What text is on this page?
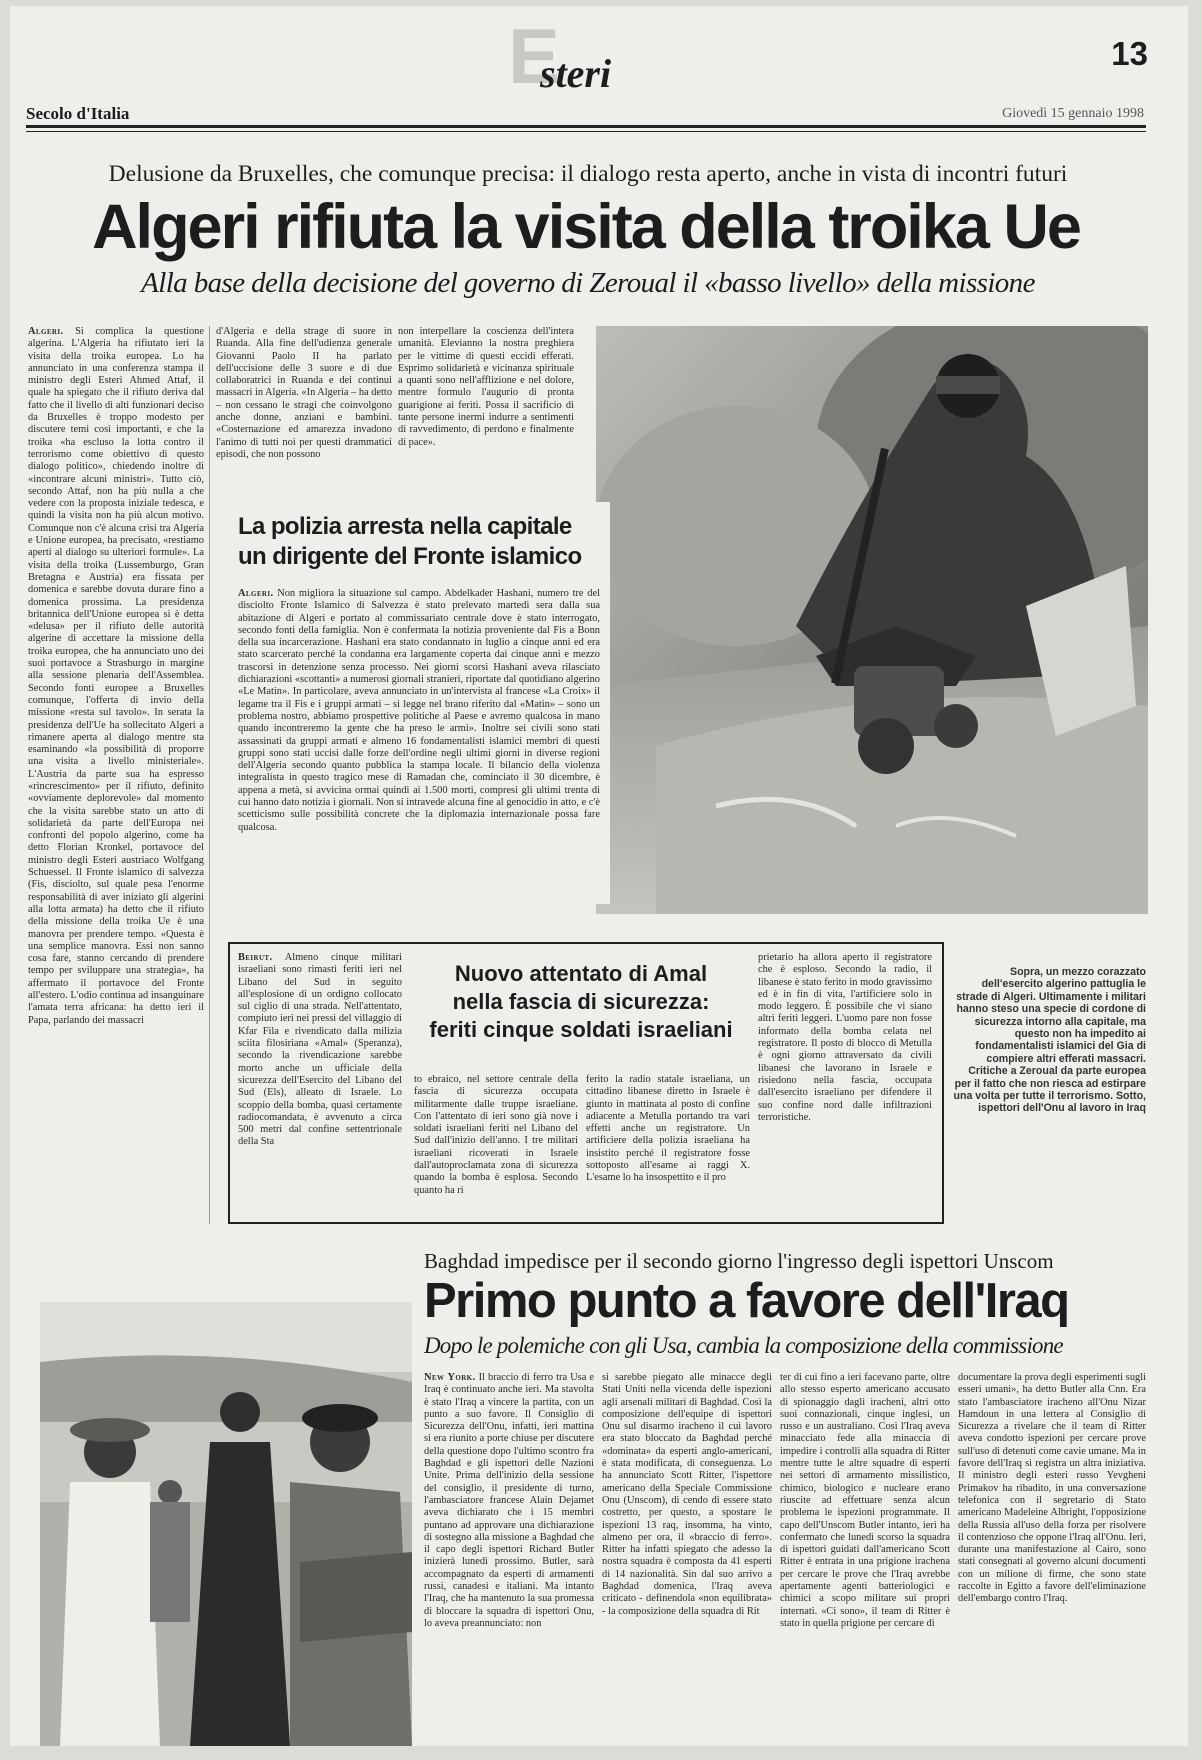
E
steri	13
Secolo d'Italia	Giovedì 15 gennaio 1998
Delusione da Bruxelles, che comunque precisa: il dialogo resta aperto, anche in vista di incontri futuri
Algeri rifiuta la visita della troika Ue
Alla base della decisione del governo di Zeroual il «basso livello» della missione
Algeri. Si complica la questione algerina. L'Algeria ha rifiutato ieri la visita della troika europea. Lo ha annunciato in una conferenza stampa il ministro degli Esteri Ahmed Attaf, il quale ha spiegato che il rifiuto deriva dal fatto che il livello di alti funzionari deciso da Bruxelles è troppo modesto per discutere temi così importanti, e che la troika «ha escluso la lotta contro il terrorismo come obiettivo di questo dialogo politico», chiedendo inoltre di «incontrare alcuni ministri». Tutto ciò, secondo Attaf, non ha più nulla a che vedere con la proposta iniziale tedesca, e quindi la visita non ha più alcun motivo. Comunque non c'è alcuna crisi tra Algeria e Unione europea, ha precisato, «restiamo aperti al dialogo su ulteriori formule». La visita della troika (Lussemburgo, Gran Bretagna e Austria) era fissata per domenica e sarebbe dovuta durare fino a domenica prossima. La presidenza britannica dell'Unione europea si è detta «delusa» per il rifiuto delle autorità algerine di accettare la missione della troika europea, che ha annunciato uno dei suoi portavoce a Strasburgo in margine alla sessione plenaria dell'Assemblea. Secondo fonti europee a Bruxelles comunque, l'offerta di invio della missione «resta sul tavolo». In serata la presidenza dell'Ue ha sollecitato Algeri a rimanere aperta al dialogo mentre sta esaminando «la possibilità di proporre una visita a livello ministeriale». L'Austria da parte sua ha espresso «rincrescimento» per il rifiuto, definito «ovviamente deplorevole» dal momento che la visita sarebbe stato un atto di solidarietà da parte dell'Europa nei confronti del popolo algerino, come ha detto Florian Kronkel, portavoce del ministro degli Esteri austriaco Wolfgang Schuessel. Il Fronte islamico di salvezza (Fis, disciolto, sul quale pesa l'enorme responsabilità di aver iniziato gli algerini alla lotta armata) ha detto che il rifiuto della missione della troika Ue è una manovra per prendere tempo. «Questa è una semplice manovra. Essi non sanno cosa fare, stanno cercando di prendere tempo per sviluppare una strategia», ha affermato il portavoce del Fronte all'estero. L'odio continua ad insanguinare l'amata terra africana: ha detto ieri il Papa, parlando dei massacri
d'Algeria e della strage di suore in Ruanda. Alla fine dell'udienza generale Giovanni Paolo II ha parlato dell'uccisione delle 3 suore e di due collaboratrici in Ruanda e dei continui massacri in Algeria. «In Algeria – ha detto – non cessano le stragi che coinvolgono anche donne, anziani e bambini. «Costernazione ed amarezza invadono l'animo di tutti noi per questi drammatici episodi, che non possono
non interpellare la coscienza dell'intera umanità. Elevianno la nostra preghiera per le vittime di questi eccidi efferati. Esprimo solidarietà e vicinanza spirituale a quanti sono nell'afflizione e nel dolore, mentre formulo l'augurio di pronta guarigione ai feriti. Possa il sacrificio di tante persone inermi indurre a sentimenti di ravvedimento, di perdono e finalmente di pace».
La polizia arresta nella capitale
un dirigente del Fronte islamico
Algeri. Non migliora la situazione sul campo. Abdelkader Hashani, numero tre del disciolto Fronte Islamico di Salvezza è stato prelevato martedì sera dalla sua abitazione di Algeri e portato al commissariato centrale dove è stato interrogato, secondo fonti della famiglia. Non è confermata la notizia proveniente dal Fis a Bonn della sua incarcerazione. Hashani era stato condannato in luglio a cinque anni ed era stato scarcerato perché la condanna era largamente coperta dai cinque anni e mezzo trascorsi in detenzione senza processo. Nei giorni scorsi Hashani aveva rilasciato dichiarazioni «scottanti» a numerosi giornali stranieri, riportate dal quotidiano algerino «Le Matin». In particolare, aveva annunciato in un'intervista al francese «La Croix» il legame tra il Fis e i gruppi armati – si legge nel brano riferito dal «Matin» – sono un problema nostro, abbiamo prospettive politiche al Paese e avremo qualcosa in mano quando incontreremo la gente che ha preso le armi». Inoltre sei civili sono stati assassinati da gruppi armati e almeno 16 fondamentalisti islamici membri di questi gruppi sono stati uccisi dalle forze dell'ordine negli ultimi giorni in diverse regioni dell'Algeria secondo quanto pubblica la stampa locale. Il bilancio della violenza integralista in questo tragico mese di Ramadan che, cominciato il 30 dicembre, è appena a metà, si avvicina ormai quindi ai 1.500 morti, compresi gli ultimi trenta di cui hanno dato notizia i giornali. Non si intravede alcuna fine al genocidio in atto, e c'è scetticismo sulle possibilità concrete che la diplomazia internazionale possa fare qualcosa.
Sopra, un mezzo corazzato dell'esercito algerino pattuglia le strade di Algeri. Ultimamente i militari hanno steso una specie di cordone di sicurezza intorno alla capitale, ma questo non ha impedito ai fondamentalisti islamici del Gia di compiere altri efferati massacri. Critiche a Zeroual da parte europea per il fatto che non riesca ad estirpare una volta per tutte il terrorismo. Sotto, ispettori dell'Onu al lavoro in Iraq
Beirut. Almeno cinque militari israeliani sono rimasti feriti ieri nel Libano del Sud in seguito all'esplosione di un ordigno collocato sul ciglio di una strada. Nell'attentato, compiuto ieri nei pressi del villaggio di Kfar Fila e rivendicato dalla milizia sciita filosiriana «Amal» (Speranza), secondo la rivendicazione sarebbe morto anche un ufficiale della sicurezza dell'Esercito del Libano del Sud (Els), alleato di Israele. Lo scoppio della bomba, quasi certamente radiocomandata, è avvenuto a circa 500 metri dal confine settentrionale della Sta
Nuovo attentato di Amal
nella fascia di sicurezza:
feriti cinque soldati israeliani
to ebraico, nel settore centrale della fascia di sicurezza occupata militarmente dalle truppe israeliane. Con l'attentato di ieri sono già nove i soldati israeliani feriti nel Libano del Sud dall'inizio dell'anno. I tre militari israeliani ricoverati in Israele dall'autoproclamata zona di sicurezza quando la bomba è esplosa. Secondo quanto ha ri
ferito la radio statale israeliana, un cittadino libanese diretto in Israele è giunto in mattinata al posto di confine adiacente a Metulla portando tra vari effetti anche un registratore. Un artificiere della polizia israeliana ha insistito perché il registratore fosse sottoposto all'esame ai raggi X. L'esame lo ha insospettito e il pro
prietario ha allora aperto il registratore che è esploso. Secondo la radio, il libanese è stato ferito in modo gravissimo ed è in fin di vita, l'artificiere solo in modo leggero. È possibile che vi siano altri feriti leggeri. L'uomo pare non fosse informato della bomba celata nel registratore. Il posto di blocco di Metulla è ogni giorno attraversato da civili libanesi che lavorano in Israele e risiedono nella fascia, occupata dall'esercito israeliano per difendere il suo confine nord dalle infiltrazioni terroristiche.
Baghdad impedisce per il secondo giorno l'ingresso degli ispettori Unscom
Primo punto a favore dell'Iraq
Dopo le polemiche con gli Usa, cambia la composizione della commissione
New York. Il braccio di ferro tra Usa e Iraq è continuato anche ieri. Ma stavolta è stato l'Iraq a vincere la partita, con un punto a suo favore. Il Consiglio di Sicurezza dell'Onu, infatti, ieri mattina si era riunito a porte chiuse per discutere della questione dopo l'ultimo scontro fra Baghdad e gli ispettori delle Nazioni Unite. Prima dell'inizio della sessione del consiglio, il presidente di turno, l'ambasciatore francese Alain Dejamet aveva dichiarato che i 15 membri puntano ad approvare una dichiarazione di sostegno alla missione a Baghdad che il capo degli ispettori Richard Butler inizierà lunedì prossimo. Butler, sarà accompagnato da esperti di armamenti russi, canadesi e italiani. Ma intanto l'Iraq, che ha mantenuto la sua promessa di bloccare la squadra di ispettori Onu, lo aveva preannunciato: non
si sarebbe piegato alle minacce degli Stati Uniti nella vicenda delle ispezioni agli arsenali militari di Baghdad. Così la composizione dell'equipe di ispettori Onu sul disarmo iracheno il cui lavoro era stato bloccato da Baghdad perché «dominata» da esperti anglo-americani, è stata modificata, di conseguenza. Lo ha annunciato Scott Ritter, l'ispettore americano della Speciale Commissione Onu (Unscom), di cendo di essere stato costretto, per questo, a spostare le ispezioni 13 raq, insomma, ha vinto, almeno per ora, il «braccio di ferro». Ritter ha infatti spiegato che adesso la nostra squadra è composta da 41 esperti di 14 nazionalità. Sin dal suo arrivo a Baghdad domenica, l'Iraq aveva criticato - definendola «non equilibrata» - la composizione della squadra di Rit
ter di cui fino a ieri facevano parte, oltre allo stesso esperto americano accusato di spionaggio dagli iracheni, altri otto suoi connazionali, cinque inglesi, un russo e un australiano. Così l'Iraq aveva minacciato fede alla minaccia di impedire i controlli alla squadra di Ritter mentre tutte le altre squadre di esperti nei settori di armamento missilistico, chimico, biologico e nucleare erano riuscite ad effettuare senza alcun problema le ispezioni programmate. Il capo dell'Unscom Butler intanto, ieri ha confermato che lunedì scorso la squadra di ispettori guidati dall'americano Scott Ritter è entrata in una prigione irachena per cercare le prove che l'Iraq avrebbe apertamente agenti batteriologici e chimici a scopo militare sui propri internati. «Ci sono», il team di Ritter è stato in quella prigione per cercare di
documentare la prova degli esperimenti sugli esseri umani», ha detto Butler alla Cnn. Era stato l'ambasciatore iracheno all'Onu Nizar Hamdoun in una lettera al Consiglio di Sicurezza a rivelare che il team di Ritter aveva condotto ispezioni per cercare prove sull'uso di detenuti come cavie umane. Ma in favore dell'Iraq si registra un altra iniziativa. Il ministro degli esteri russo Yevgheni Primakov ha ribadito, in una conversazione telefonica con il segretario di Stato americano Madeleine Albright, l'opposizione della Russia all'uso della forza per risolvere il contenzioso che oppone l'Iraq all'Onu. Ieri, durante una manifestazione al Cairo, sono stati consegnati al governo alcuni documenti con un milione di firme, che sono state raccolte in Egitto a favore dell'eliminazione dell'embargo contro l'Iraq.
